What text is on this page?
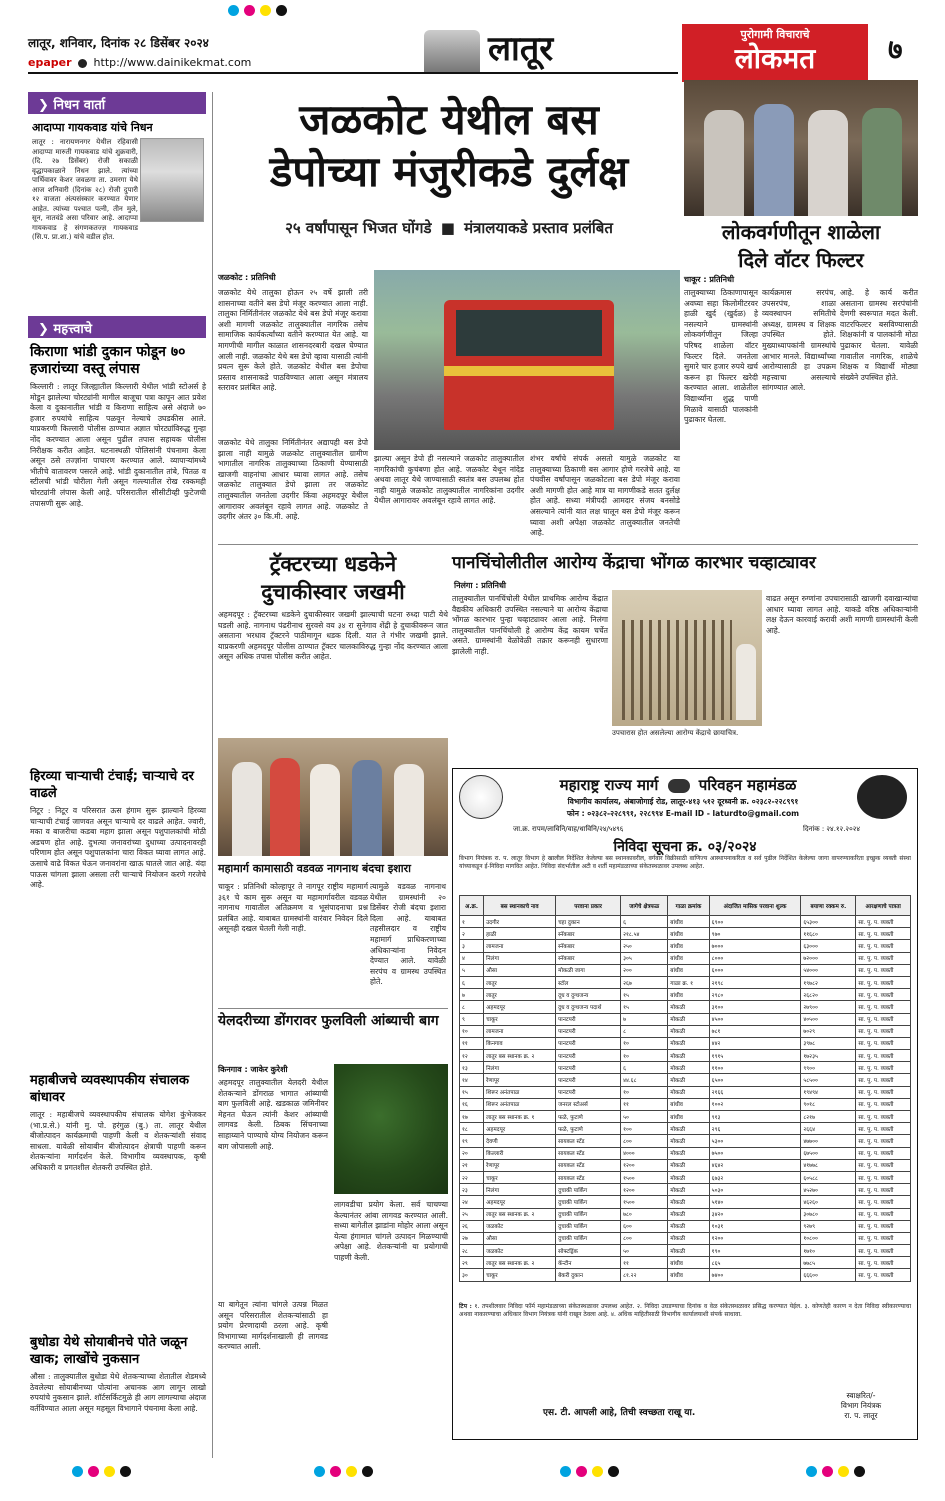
लातूर, शनिवार, दिनांक २८ डिसेंबर २०२४
epaper http://www.dainikekmat.com	लातूर	पुरोगामी विचाराचे
लोकमत	७
❯ निधन वार्ता
आदाप्पा गायकवाड यांचे निधन
लातूर : नारायणनगर येथील रहिवासी आदाप्पा मारुती गायकवाड यांचे शुक्रवारी, (दि. २७ डिसेंबर) रोजी सकाळी वृद्धापकाळाने निधन झाले. त्यांच्या पार्थिवावर केशर जवळगा ता. उमरगा येथे आज शनिवारी (दिनांक २८) रोजी दुपारी १२ वाजता अंत्यसंस्कार करण्यात येणार आहेत. त्यांच्या पश्चात पत्नी, तीन मुले, सून, नातवंडे असा परिवार आहे. आदाप्पा गायकवाड हे संगणकतज्ज्ञ गायकवाड (सि.प. प्रा.शा.) यांचे वडील होत.
❯ महत्त्वाचे
किराणा भांडी दुकान फोडून ७० हजारांच्या वस्तू लंपास
किल्लारी : लातूर जिल्ह्यातील किल्लारी येथील भांडी स्टोअर्स हे मोडून झालेल्या चोरट्यांनी मागील बाजूचा पत्रा कापून आत प्रवेश केला व दुकानातील भांडी व किराणा साहित्य असे अंदाजे ७० हजार रुपयांचे साहित्य पळवून नेल्याचे उघडकीस आले. याप्रकरणी किल्लारी पोलीस ठाण्यात अज्ञात चोरट्यांविरुद्ध गुन्हा नोंद करण्यात आला असून पुढील तपास सहायक पोलीस निरीक्षक करीत आहेत. घटनास्थळी पोलिसांनी पंचनामा केला असून ठसे तज्ज्ञांना पाचारण करण्यात आले. व्यापाऱ्यांमध्ये भीतीचे वातावरण पसरले आहे. भांडी दुकानातील तांबे, पितळ व स्टीलची भांडी चोरीला गेली असून गल्ल्यातील रोख रक्कमही चोरट्यांनी लंपास केली आहे. परिसरातील सीसीटीव्ही फुटेजची तपासणी सुरू आहे.
हिरव्या चाऱ्याची टंचाई; चाऱ्याचे दर वाढले
निटूर : निटूर व परिसरात ऊस हंगाम सुरू झाल्याने हिरव्या चाऱ्याची टंचाई जाणवत असून चाऱ्याचे दर वाढले आहेत. ज्वारी, मका व बाजरीचा कडबा महाग झाला असून पशुपालकांची मोठी अडचण होत आहे. दुभत्या जनावरांच्या दुधाच्या उत्पादनावरही परिणाम होत असून पशुपालकांना चारा विकत घ्यावा लागत आहे. ऊसाचे वाढे विकत घेऊन जनावरांना खाऊ घातले जात आहे. यंदा पाऊस चांगला झाला असला तरी चाऱ्याचे नियोजन करणे गरजेचे आहे.
महाबीजचे व्यवस्थापकीय संचालक बांधावर
लातूर : महाबीजचे व्यवस्थापकीय संचालक योगेश कुंभेजकर (भा.प्र.से.) यांनी मु. पो. हरंगुळ (बु.) ता. लातूर येथील बीजोत्पादन कार्यक्रमाची पाहणी केली व शेतकऱ्यांशी संवाद साधला. यावेळी सोयाबीन बीजोत्पादन क्षेत्राची पाहणी करून शेतकऱ्यांना मार्गदर्शन केले. विभागीय व्यवस्थापक, कृषी अधिकारी व प्रगतशील शेतकरी उपस्थित होते.
बुधोडा येथे सोयाबीनचे पोते जळून खाक; लाखोंचे नुकसान
औसा : तालुक्यातील बुधोडा येथे शेतकऱ्याच्या शेतातील शेडमध्ये ठेवलेल्या सोयाबीनच्या पोत्यांना अचानक आग लागून लाखो रुपयांचे नुकसान झाले. शॉर्टसर्किटमुळे ही आग लागल्याचा अंदाज वर्तविण्यात आला असून महसूल विभागाने पंचनामा केला आहे.
जळकोट येथील बस
डेपोच्या मंजुरीकडे दुर्लक्ष
२५ वर्षांपासून भिजत घोंगडे ■ मंत्रालयाकडे प्रस्ताव प्रलंबित
जळकोट : प्रतिनिधी
जळकोट येथे तालुका होऊन २५ वर्षे झाली तरी शासनाच्या वतीने बस डेपो मंजूर करण्यात आला नाही. तालुका निर्मितीनंतर जळकोट येथे बस डेपो मंजूर करावा अशी मागणी जळकोट तालुक्यातील नागरिक तसेच सामाजिक कार्यकर्त्यांच्या वतीने करण्यात येत आहे. या मागणीची मागील काळात शासनदरबारी दखल घेण्यात आली नाही. जळकोट येथे बस डेपो व्हावा यासाठी त्यांनी प्रयत्न सुरू केले होते. जळकोट येथील बस डेपोचा प्रस्ताव शासनाकडे पाठविण्यात आला असून मंत्रालय स्तरावर प्रलंबित आहे.
जळकोट येथे तालुका निर्मितीनंतर अद्यापही बस डेपो झाला नाही यामुळे जळकोट तालुक्यातील ग्रामीण भागातील नागरिक तालुक्याच्या ठिकाणी येण्यासाठी खाजगी वाहनांचा आधार घ्यावा लागत आहे. तसेच जळकोट तालुक्यात डेपो झाला तर जळकोट तालुक्यातील जनतेला उदगीर किंवा अहमदपूर येथील आगारावर अवलंबून रहावे लागत आहे. जळकोट ते उदगीर अंतर ३० कि.मी. आहे.
झाल्या असून डेपो ही नसल्याने जळकोट तालुक्यातील नागरिकांची कुचंबणा होत आहे. जळकोट येथून नांदेड अथवा लातूर येथे जाण्यासाठी स्वतंत्र बस उपलब्ध होत नाही यामुळे जळकोट तालुक्यातील नागरिकांना उदगीर येथील आगारावर अवलंबून रहावे लागत आहे.
शंभर वर्षांचे संपर्क असतो यामुळे जळकोट या तालुक्याच्या ठिकाणी बस आगार होणे गरजेचे आहे. या पंचवीस वर्षांपासून जळकोटला बस डेपो मंजूर करावा अशी मागणी होत आहे मात्र या मागणीकडे सतत दुर्लक्ष होत आहे. सध्या मंत्रीपदी आमदार संजय बनसोडे असल्याने त्यांनी यात लक्ष घालून बस डेपो मंजूर करून घ्यावा अशी अपेक्षा जळकोट तालुक्यातील जनतेची आहे.
लोकवर्गणीतून शाळेला
दिले वॉटर फिल्टर
चाकूर : प्रतिनिधी
तालुक्याच्या ठिकाणापासून अवघ्या सहा किलोमीटरवर हाळी खुर्द (खुर्दळ) हे नसल्याने ग्रामस्थांनी लोकवर्गणीतून जिल्हा परिषद शाळेला वॉटर फिल्टर दिले. जनतेला सुमारे चार हजार रुपये खर्च करून हा फिल्टर खरेदी करण्यात आला. शाळेतील विद्यार्थ्यांना शुद्ध पाणी मिळावे यासाठी पालकांनी पुढाकार घेतला.
कार्यक्रमास सरपंच, उपसरपंच, शाळा व्यवस्थापन समितीचे अध्यक्ष, ग्रामस्थ व शिक्षक उपस्थित होते. मुख्याध्यापकांनी ग्रामस्थांचे आभार मानले. विद्यार्थ्यांच्या आरोग्यासाठी हा उपक्रम महत्त्वाचा असल्याचे सांगण्यात आले.
आहे. हे कार्य करीत असताना ग्रामस्थ सरपंचांनी देणगी स्वरूपात मदत केली. वाटरफिल्टर बसविण्यासाठी शिक्षकांनी व पालकांनी मोठा पुढाकार घेतला. यावेळी गावातील नागरिक, शाळेचे शिक्षक व विद्यार्थी मोठ्या संख्येने उपस्थित होते.
ट्रॅक्टरच्या धडकेने
दुचाकीस्वार जखमी
अहमदपूर : ट्रॅक्टरच्या धडकेने दुचाकीस्वार जखमी झाल्याची घटना रुध्दा पाटी येथे घडली आहे. नागनाथ पंढरीनाथ सुरवसे वय ३४ रा सुनेगाव शेंद्री हे दुचाकीवरून जात असताना भरधाव ट्रॅक्टरने पाठीमागून धडक दिली. यात ते गंभीर जखमी झाले. याप्रकरणी अहमदपूर पोलीस ठाण्यात ट्रॅक्टर चालकाविरुद्ध गुन्हा नोंद करण्यात आला असून अधिक तपास पोलीस करीत आहेत.
पानचिंचोलीतील आरोग्य केंद्राचा भोंगळ कारभार चव्हाट्यावर
निलंगा : प्रतिनिधी
तालुक्यातील पानचिंचोली येथील प्राथमिक आरोग्य केंद्रात वैद्यकीय अधिकारी उपस्थित नसल्याने या आरोग्य केंद्राचा भोंगळ कारभार पुन्हा चव्हाट्यावर आला आहे. निलंगा तालुक्यातील पानचिंचोली हे आरोग्य केंद्र कायम चर्चेत असते. ग्रामस्थांनी वेळोवेळी तक्रार करूनही सुधारणा झालेली नाही.
उपचारास होत असलेल्या आरोग्य केंद्राचे छायाचित्र.
वाढत असून रुग्णांना उपचारासाठी खाजगी दवाखान्यांचा आधार घ्यावा लागत आहे. याकडे वरिष्ठ अधिकाऱ्यांनी लक्ष देऊन कारवाई करावी अशी मागणी ग्रामस्थांनी केली आहे.
महामार्ग कामासाठी वडवळ नागनाथ बंदचा इशारा
चाकूर : प्रतिनिधी कोल्हापूर ते नागपूर राष्ट्रीय महामार्ग ३६१ चे काम सुरू असून या महामार्गावरील वडवळ नागनाथ गावातील अतिक्रमण व भूसंपादनाचा प्रश्न प्रलंबित आहे. याबाबत ग्रामस्थांनी वारंवार निवेदन दिले असूनही दखल घेतली गेली नाही.
त्यामुळे वडवळ नागनाथ येथील ग्रामस्थांनी २० डिसेंबर रोजी बंदचा इशारा दिला आहे. याबाबत तहसीलदार व राष्ट्रीय महामार्ग प्राधिकरणाच्या अधिकाऱ्यांना निवेदन देण्यात आले. यावेळी सरपंच व ग्रामस्थ उपस्थित होते.
येलदरीच्या डोंगरावर फुलविली आंब्याची बाग
किनगाव : जाकेर कुरेशी
अहमदपूर तालुक्यातील येलदरी येथील शेतकऱ्याने डोंगराळ भागात आंब्याची बाग फुलविली आहे. खडकाळ जमिनीवर मेहनत घेऊन त्यांनी केशर आंब्याची लागवड केली. ठिबक सिंचनाच्या साहाय्याने पाण्याचे योग्य नियोजन करून बाग जोपासली आहे.
या बागेतून त्यांना चांगले उत्पन्न मिळत असून परिसरातील शेतकऱ्यांसाठी हा प्रयोग प्रेरणादायी ठरला आहे. कृषी विभागाच्या मार्गदर्शनाखाली ही लागवड करण्यात आली.
लागवडीचा प्रयोग केला. सर्व चाचण्या केल्यानंतर आंबा लागवड करण्यात आली. सध्या बागेतील झाडांना मोहोर आला असून येत्या हंगामात चांगले उत्पादन मिळण्याची अपेक्षा आहे. शेतकऱ्यांनी या प्रयोगाची पाहणी केली.
महाराष्ट्र राज्य मार्ग	परिवहन महामंडळ
विभागीय कार्यालय, अंबाजोगाई रोड, लातूर-४१३ ५१२ दूरध्वनी क्र. ०२३८२-२२८९९१
फोन : ०२३८२-२२८९९१, २२८९९४ E-mail ID - laturdto@gmail.com
जा.क्र. रापम/लाविनि/वाह/धाविनि/२४/५४९६	दिनांक : २४.१२.२०२४
निविदा सूचना क्र. ०३/२०२४
विभाग नियंत्रक रा. प. लातूर विभाग हे खालील निर्देशित केलेल्या बस स्थानकावरील, वर्गवार विक्रीसाठी वाणिज्य आस्थापनाकरिता व सर्व पुढील निर्देशित केलेल्या जागा वापरण्याकरिता इच्छुक व्यक्ती संस्था यांच्याकडून ई-निविदा मागवित आहेत. निविदा संदर्भातील अटी व शर्ती महामंडळाच्या संकेतस्थळावर उपलब्ध आहेत.
अ.क्र.	बस स्थानकाचे नाव	परवाना प्रकार	जागेचे क्षेत्रफळ	गाळा क्रमांक	अंदाजित मासिक परवाना शुल्क	बयाणा रक्कम रु.	आरक्षणाचे पात्रता
१	उदगीर	चहा दुकान	६	बांधीव	६९००	६५३००	सा. पु. प. व्यक्ती
२	हाळी	स्नॅकबार	२१८.५४	बांधीव	९७०	११६८०	सा. पु. प. व्यक्ती
३	लामजना	स्नॅकबार	२५०	बांधीव	७०००	६३०००	सा. पु. प. व्यक्ती
४	निलंगा	स्नॅकबार	३०५	बांधीव	८०००	७२०००	सा. पु. प. व्यक्ती
५	औसा	मोकळी जागा	२००	बांधीव	६०००	५४०००	सा. पु. प. व्यक्ती
६	लातूर	स्टॉल	२६७	गाळा क्र. १	२१९८	१९७८२	सा. पु. प. व्यक्ती
७	लातूर	दूध व दुग्धजन्य	१५	बांधीव	२९८०	२६८२०	सा. पु. प. व्यक्ती
८	अहमदपूर	दुध व दुग्धजन्य पदार्थ	१५	मोकळी	३१००	२७९००	सा. पु. प. व्यक्ती
९	चाकूर	पानटपरी	७	मोकळी	४५००	४०५००	सा. पु. प. व्यक्ती
१०	लामजना	पानटपरी	८	मोकळी	७८१	७०२९	सा. पु. प. व्यक्ती
११	किनगाव	पानटपरी	१०	मोकळी	४४२	३९७८	सा. पु. प. व्यक्ती
१२	लातूर बस स्थानक क्र. २	पानटपरी	१०	मोकळी	१९१५	१७२३५	सा. पु. प. व्यक्ती
१३	निलंगा	पानटपरी	६	मोकळी	११००	९९००	सा. पु. प. व्यक्ती
१४	रेणापूर	पानटपरी	४४.६८	मोकळी	६५००	५८५००	सा. पु. प. व्यक्ती
१५	शिरूर अनंतपाळ	पानटपरी	१०	मोकळी	२१६६	१९४९४	सा. पु. प. व्यक्ती
१६	शिरूर अनंतपाळ	जनरल स्टोअर्स	११	बांधीव	१००२	९०१८	सा. पु. प. व्यक्ती
१७	लातूर बस स्थानक क्र. १	फळे, फुटाणे	५०	बांधीव	९१३	८२१७	सा. पु. प. व्यक्ती
१८	अहमदपूर	फळे, फुटाणे	१००	मोकळी	२९६	२६६४	सा. पु. प. व्यक्ती
१९	देवणी	सायकल स्टँड	८००	मोकळी	५३००	४७७००	सा. पु. प. व्यक्ती
२०	किल्लारी	सायकल स्टँड	४०००	मोकळी	७५००	६७५००	सा. पु. प. व्यक्ती
२१	रेणापूर	सायकल स्टँड	१२००	मोकळी	४६४२	४१७७८	सा. पु. प. व्यक्ती
२२	चाकूर	सायकल स्टँड	१५००	मोकळी	६७३२	६०५८८	सा. पु. प. व्यक्ती
२३	निलंगा	दुचाकी पार्किंग	१२००	मोकळी	५०३०	४५२७०	सा. पु. प. व्यक्ती
२४	अहमदपूर	दुचाकी पार्किंग	१५००	मोकळी	५१४०	४६२६०	सा. पु. प. व्यक्ती
२५	लातूर बस स्थानक क्र. २	दुचाकी पार्किंग	७८०	मोकळी	३४२०	३०७८०	सा. पु. प. व्यक्ती
२६	जळकोट	दुचाकी पार्किंग	६००	मोकळी	१०३१	९२७९	सा. पु. प. व्यक्ती
२७	औसा	दुचाकी पार्किंग	८००	मोकळी	१२००	१०८००	सा. पु. प. व्यक्ती
२८	जळकोट	सोफ्टड्रिंक	५०	मोकळी	१९०	१७१०	सा. पु. प. व्यक्ती
२९	लातूर बस स्थानक क्र. २	कॅन्टीन	११	बांधीव	८६५	७७८५	सा. पु. प. व्यक्ती
३०	चाकूर	बेकरी दुकान	८१.२२	बांधीव	७४००	६६६००	सा. पु. प. व्यक्ती
टिप : १. तपशीलवार निविदा फॉर्म महामंडळाच्या संकेतस्थळावर उपलब्ध आहेत. २. निविदा उघडण्याचा दिनांक व वेळ संकेतस्थळावर प्रसिद्ध करण्यात येईल. ३. कोणतेही कारण न देता निविदा स्वीकारण्याचा अथवा नाकारण्याचा अधिकार विभाग नियंत्रक यांनी राखून ठेवला आहे. ४. अधिक माहितीसाठी विभागीय कार्यालयाशी संपर्क साधावा.
एस. टी. आपली आहे, तिची स्वच्छता राखू या.
स्वाक्षरित/-
विभाग नियंत्रक
रा. प. लातूर
